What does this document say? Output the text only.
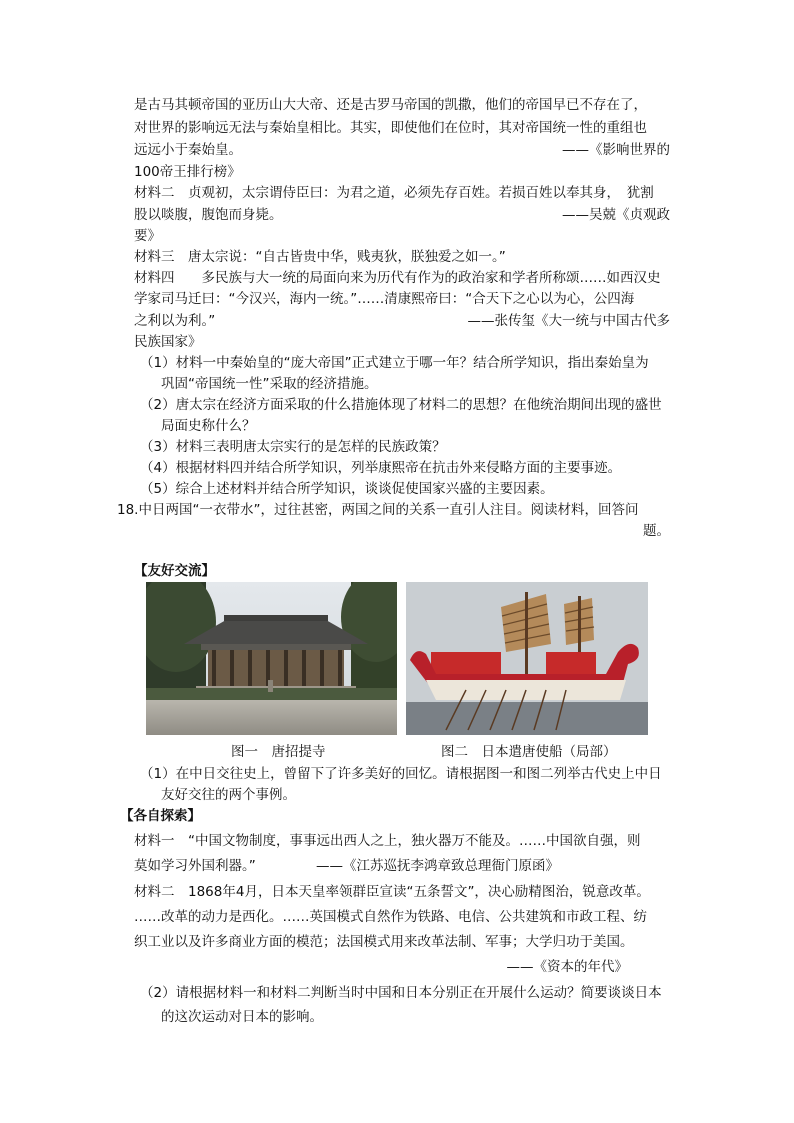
是古马其顿帝国的亚历山大大帝、还是古罗马帝国的凯撒，他们的帝国早已不存在了，
对世界的影响远无法与秦始皇相比。其实，即使他们在位时，其对帝国统一性的重组也
远远小于秦始皇。	——《影响世界的
100帝王排行榜》
材料二　贞观初，太宗谓侍臣曰：为君之道，必须先存百姓。若损百姓以奉其身，　犹割
股以啖腹，腹饱而身毙。	——吴兢《贞观政
要》
材料三　唐太宗说：“自古皆贵中华，贱夷狄，朕独爱之如一。”
材料四　　多民族与大一统的局面向来为历代有作为的政治家和学者所称颂……如西汉史
学家司马迁曰：“今汉兴，海内一统。”……清康熙帝曰：“合天下之心以为心，公四海
之利以为利。”	——张传玺《大一统与中国古代多
民族国家》
（1）材料一中秦始皇的“庞大帝国”正式建立于哪一年？结合所学知识，指出秦始皇为
巩固“帝国统一性”采取的经济措施。
（2）唐太宗在经济方面采取的什么措施体现了材料二的思想？在他统治期间出现的盛世
局面史称什么？
（3）材料三表明唐太宗实行的是怎样的民族政策？
（4）根据材料四并结合所学知识，列举康熙帝在抗击外来侵略方面的主要事迹。
（5）综合上述材料并结合所学知识，谈谈促使国家兴盛的主要因素。
18.中日两国“一衣带水”，过往甚密，两国之间的关系一直引人注目。阅读材料，回答问
题。
【友好交流】
图一　唐招提寺	图二　日本遣唐使船（局部）
（1）在中日交往史上，曾留下了许多美好的回忆。请根据图一和图二列举古代史上中日
友好交往的两个事例。
【各自探索】
材料一　“中国文物制度，事事远出西人之上，独火器万不能及。……中国欲自强，则
莫如学习外国利器。”	——《江苏巡抚李鸿章致总理衙门原函》
材料二　1868年4月，日本天皇率领群臣宣读“五条誓文”，决心励精图治，锐意改革。
……改革的动力是西化。……英国模式自然作为铁路、电信、公共建筑和市政工程、纺
织工业以及许多商业方面的模范；法国模式用来改革法制、军事；大学归功于美国。
——《资本的年代》
（2）请根据材料一和材料二判断当时中国和日本分别正在开展什么运动？简要谈谈日本
的这次运动对日本的影响。
